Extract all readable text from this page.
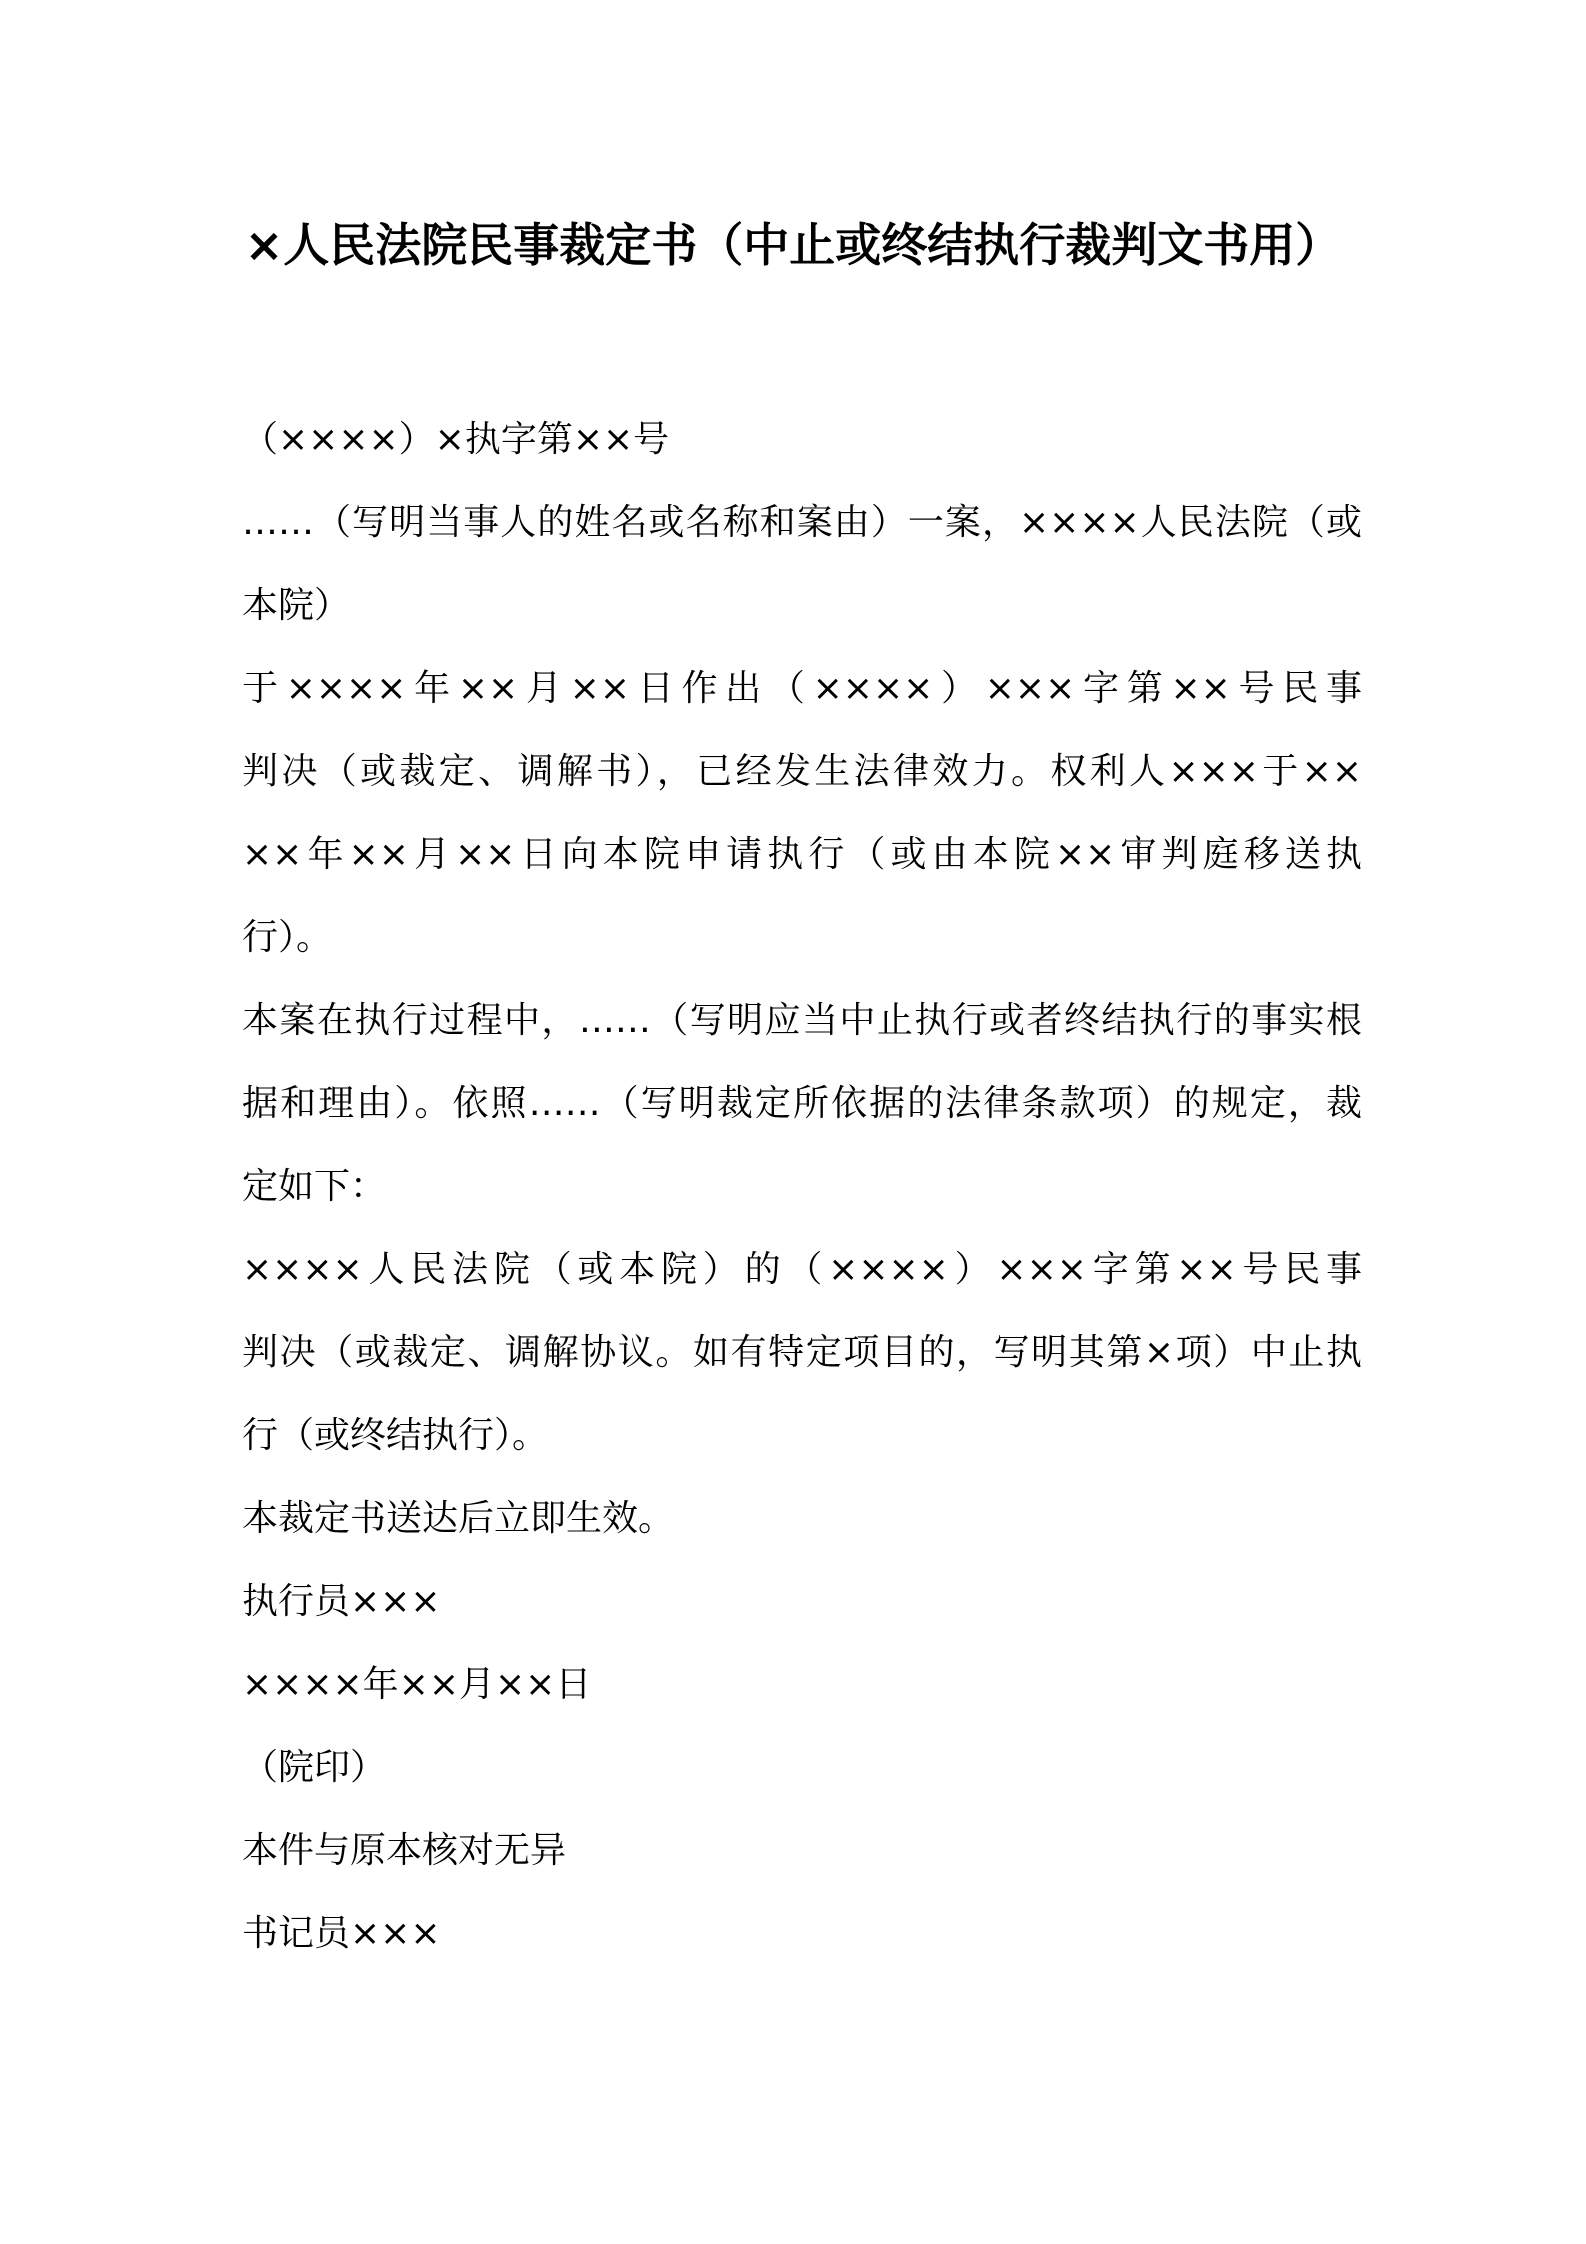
×人民法院民事裁定书（中止或终结执行裁判文书用）
（××××）×执字第××号
……（写明当事人的姓名或名称和案由）一案，××××人民法院（或
本院）
于××××年××月××日作出（××××）×××字第××号民事
判决（或裁定、调解书），已经发生法律效力。权利人×××于××
××年××月××日向本院申请执行（或由本院××审判庭移送执
行）。
本案在执行过程中，……（写明应当中止执行或者终结执行的事实根
据和理由）。依照……（写明裁定所依据的法律条款项）的规定，裁
定如下：
××××人民法院（或本院）的（××××）×××字第××号民事
判决（或裁定、调解协议。如有特定项目的，写明其第×项）中止执
行（或终结执行）。
本裁定书送达后立即生效。
执行员×××
××××年××月××日
（院印）
本件与原本核对无异
书记员×××
